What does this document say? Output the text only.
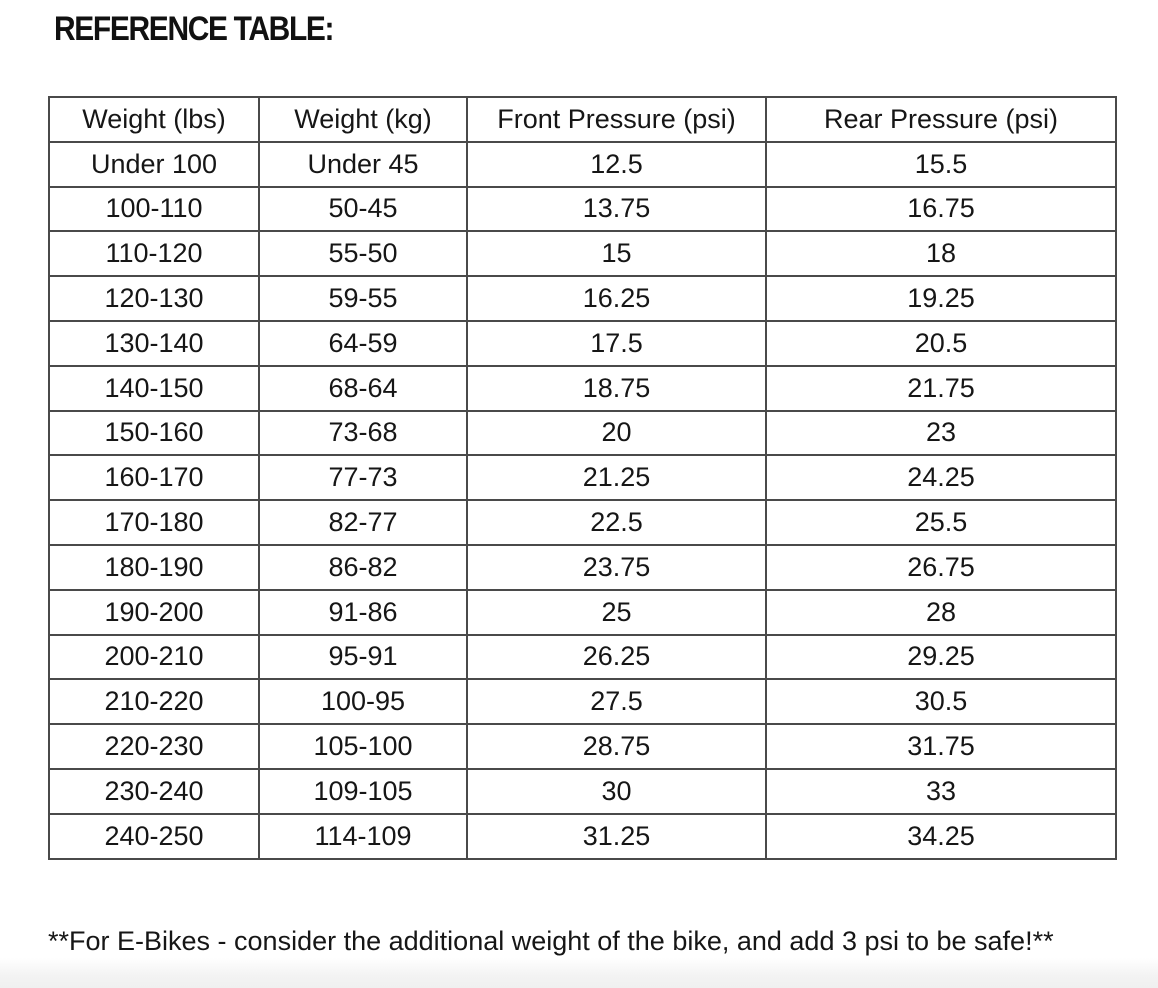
REFERENCE TABLE:
Weight (lbs)	Weight (kg)	Front Pressure (psi)	Rear Pressure (psi)
Under 100	Under 45	12.5	15.5
100-110	50-45	13.75	16.75
110-120	55-50	15	18
120-130	59-55	16.25	19.25
130-140	64-59	17.5	20.5
140-150	68-64	18.75	21.75
150-160	73-68	20	23
160-170	77-73	21.25	24.25
170-180	82-77	22.5	25.5
180-190	86-82	23.75	26.75
190-200	91-86	25	28
200-210	95-91	26.25	29.25
210-220	100-95	27.5	30.5
220-230	105-100	28.75	31.75
230-240	109-105	30	33
240-250	114-109	31.25	34.25

**For E-Bikes - consider the additional weight of the bike, and add 3 psi to be safe!**
